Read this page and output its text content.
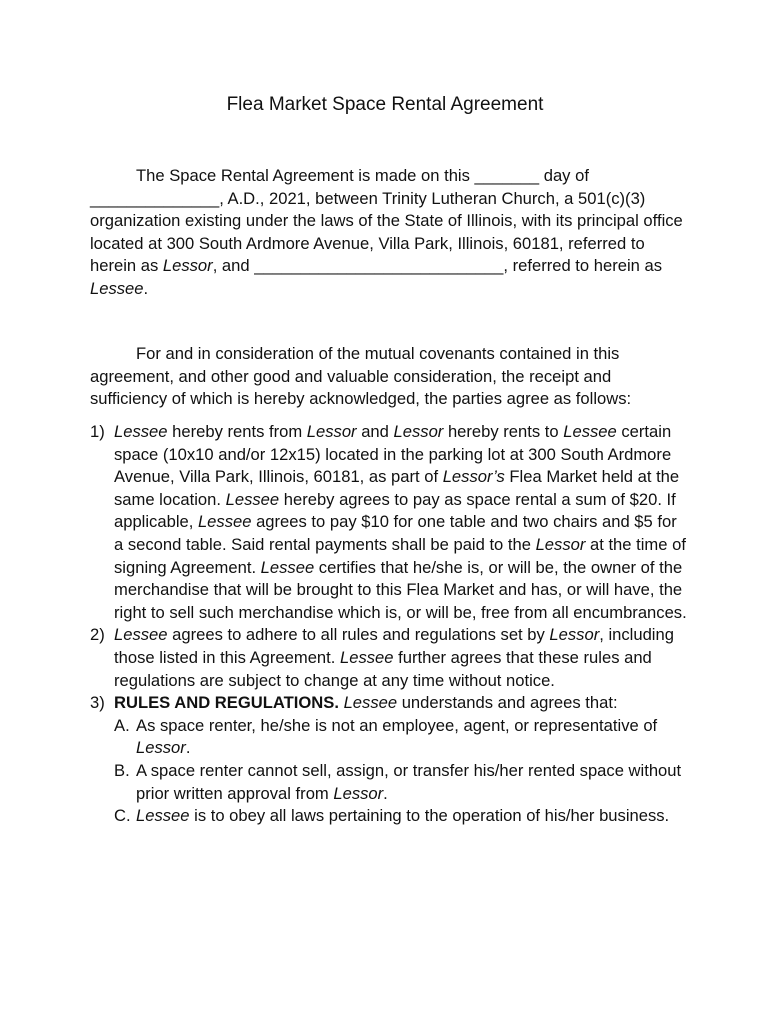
Flea Market Space Rental Agreement

The Space Rental Agreement is made on this _______ day of ______________, A.D., 2021, between Trinity Lutheran Church, a 501(c)(3) organization existing under the laws of the State of Illinois, with its principal office located at 300 South Ardmore Avenue, Villa Park, Illinois, 60181, referred to herein as Lessor, and ___________________________, referred to herein as Lessee.

For and in consideration of the mutual covenants contained in this agreement, and other good and valuable consideration, the receipt and sufficiency of which is hereby acknowledged, the parties agree as follows:

1) Lessee hereby rents from Lessor and Lessor hereby rents to Lessee certain space (10x10 and/or 12x15) located in the parking lot at 300 South Ardmore Avenue, Villa Park, Illinois, 60181, as part of Lessor’s Flea Market held at the same location. Lessee hereby agrees to pay as space rental a sum of $20. If applicable, Lessee agrees to pay $10 for one table and two chairs and $5 for a second table. Said rental payments shall be paid to the Lessor at the time of signing Agreement. Lessee certifies that he/she is, or will be, the owner of the merchandise that will be brought to this Flea Market and has, or will have, the right to sell such merchandise which is, or will be, free from all encumbrances.
2) Lessee agrees to adhere to all rules and regulations set by Lessor, including those listed in this Agreement. Lessee further agrees that these rules and regulations are subject to change at any time without notice.
3) RULES AND REGULATIONS. Lessee understands and agrees that:
A. As space renter, he/she is not an employee, agent, or representative of Lessor.
B. A space renter cannot sell, assign, or transfer his/her rented space without prior written approval from Lessor.
C. Lessee is to obey all laws pertaining to the operation of his/her business.
